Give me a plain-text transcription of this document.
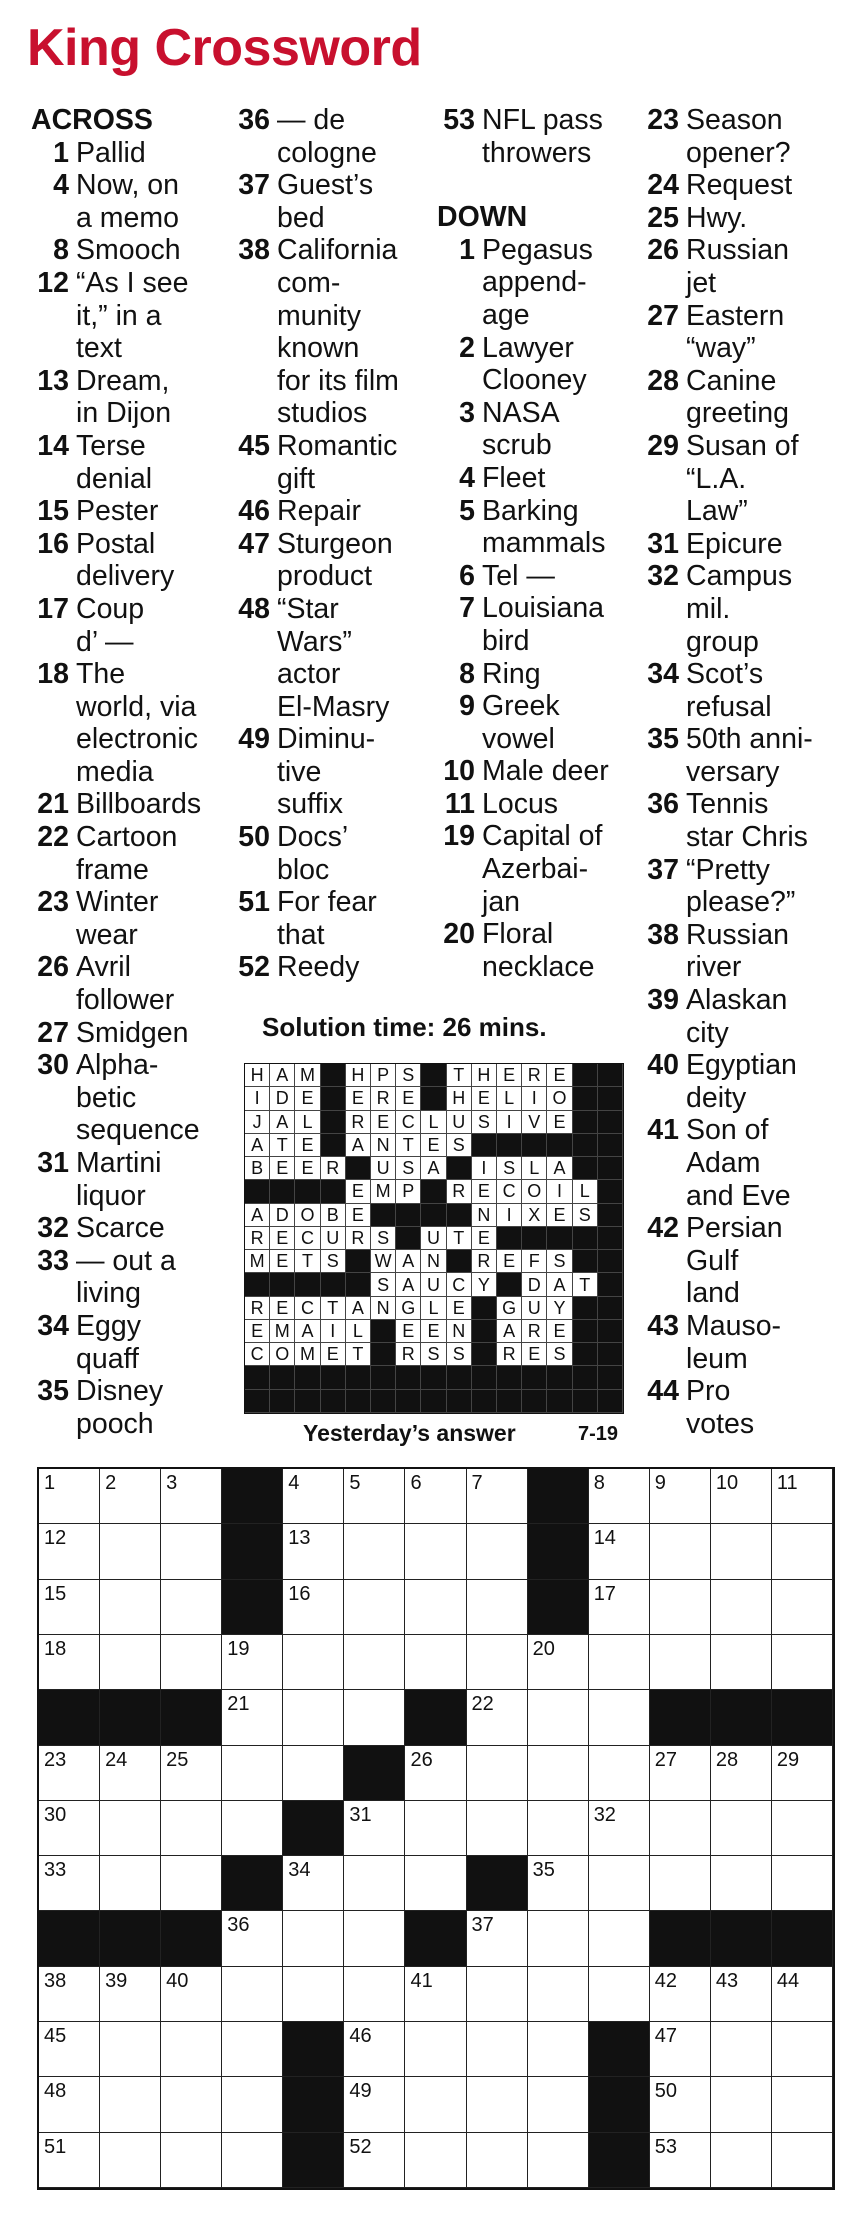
King Crossword
ACROSS
1 Pallid
4 Now, on
a memo
8 Smooch
12 “As I see
it,” in a
text
13 Dream,
in Dijon
14 Terse
denial
15 Pester
16 Postal
delivery
17 Coup
d’ —
18 The
world, via
electronic
media
21 Billboards
22 Cartoon
frame
23 Winter
wear
26 Avril
follower
27 Smidgen
30 Alpha-
betic
sequence
31 Martini
liquor
32 Scarce
33 — out a
living
34 Eggy
quaff
35 Disney
pooch
36 — de
cologne
37 Guest’s
bed
38 California
com-
munity
known
for its film
studios
45 Romantic
gift
46 Repair
47 Sturgeon
product
48 “Star
Wars”
actor
El-Masry
49 Diminu-
tive
suffix
50 Docs’
bloc
51 For fear
that
52 Reedy
53 NFL pass
throwers
DOWN
1 Pegasus
append-
age
2 Lawyer
Clooney
3 NASA
scrub
4 Fleet
5 Barking
mammals
6 Tel —
7 Louisiana
bird
8 Ring
9 Greek
vowel
10 Male deer
11 Locus
19 Capital of
Azerbai-
jan
20 Floral
necklace
23 Season
opener?
24 Request
25 Hwy.
26 Russian
jet
27 Eastern
“way”
28 Canine
greeting
29 Susan of
“L.A.
Law”
31 Epicure
32 Campus
mil.
group
34 Scot’s
refusal
35 50th anni-
versary
36 Tennis
star Chris
37 “Pretty
please?”
38 Russian
river
39 Alaskan
city
40 Egyptian
deity
41 Son of
Adam
and Eve
42 Persian
Gulf
land
43 Mauso-
leum
44 Pro
votes
Solution time: 26 mins.
H A M	H P S	T H E R E
I D E	E R E	H E L I O
J A L	R E C L U S I V E
A T E	A N T E S
B E E R	U S A	I S L A
E M P	R E C O I L
A D O B E	N I X E S
R E C U R S	U T E
M E T S	W A N	R E F S
S A U C Y	D A T
R E C T A N G L E	G U Y
E M A I L	E E N	A R E
C O M E T	R S S	R E S
Yesterday’s answer	7-19
1 2 3	4 5 6 7	8 9 10 11
12	13	14
15	16	17
18	19	20
21	22
23 24 25	26	27 28 29
30	31	32
33	34	35
36	37
38 39 40	41	42 43 44
45	46	47
48	49	50
51	52	53
